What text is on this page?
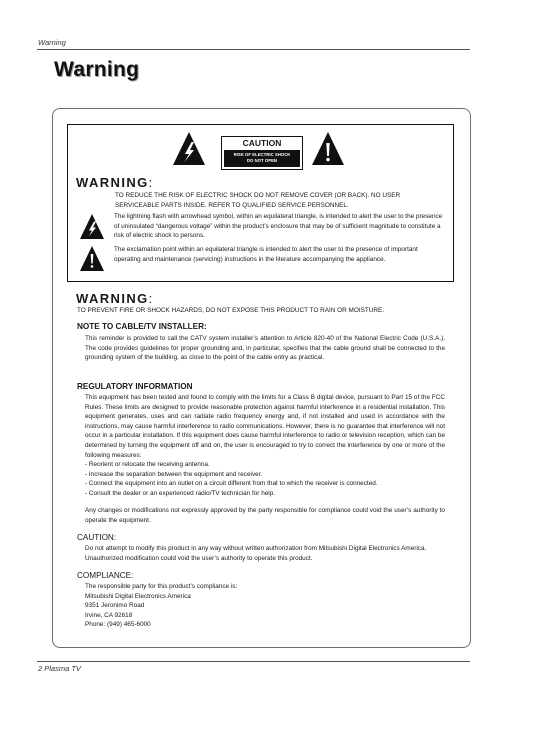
Warning
Warning
CAUTION
RISK OF ELECTRIC SHOCK
DO NOT OPEN
WARNING:
TO REDUCE THE RISK OF ELECTRIC SHOCK DO NOT REMOVE COVER (OR BACK). NO USER SERVICEABLE PARTS INSIDE. REFER TO QUALIFIED SERVICE PERSONNEL.
The lightning flash with arrowhead symbol, within an equilateral triangle, is intended to alert the user to the presence of uninsulated “dangerous voltage” within the product’s enclosure that may be of sufficient magnitude to constitute a risk of electric shock to persons.
The exclamation point within an equilateral triangle is intended to alert the user to the presence of important operating and maintenance (servicing) instructions in the literature accompanying the appliance.
WARNING:
TO PREVENT FIRE OR SHOCK HAZARDS, DO NOT EXPOSE THIS PRODUCT TO RAIN OR MOISTURE.
NOTE TO CABLE/TV INSTALLER:
This reminder is provided to call the CATV system installer’s attention to Article 820-40 of the National Electric Code (U.S.A.). The code provides guidelines for proper grounding and, in particular, specifies that the cable ground shall be connected to the grounding system of the building, as close to the point of the cable entry as practical.
REGULATORY INFORMATION
This equipment has been tested and found to comply with the limits for a Class B digital device, pursuant to Part 15 of the FCC Rules. These limits are designed to provide reasonable protection against harmful interference in a residential installation. This equipment generates, uses and can radiate radio frequency energy and, if not installed and used in accordance with the instructions, may cause harmful interference to radio communications. However, there is no guarantee that interference will not occur in a particular installation. If this equipment does cause harmful interference to radio or television reception, which can be determined by turning the equipment off and on, the user is encouraged to try to correct the interference by one or more of the following measures:
- Reorient or relocate the receiving antenna.
- Increase the separation between the equipment and receiver.
- Connect the equipment into an outlet on a circuit different from that to which the receiver is connected.
- Consult the dealer or an experienced radio/TV technician for help.
Any changes or modifications not expressly approved by the party responsible for compliance could void the user’s authority to operate the equipment.
CAUTION:
Do not attempt to modify this product in any way without written authorization from Mitsubishi Digital Electronics America. Unauthorized modification could void the user’s authority to operate this product.
COMPLIANCE:
The responsible party for this product’s compliance is:
Mitsubishi Digital Electronics America
9351 Jeronimo Road
Irvine, CA 92618
Phone: (949) 465-6000
2 Plasma TV
